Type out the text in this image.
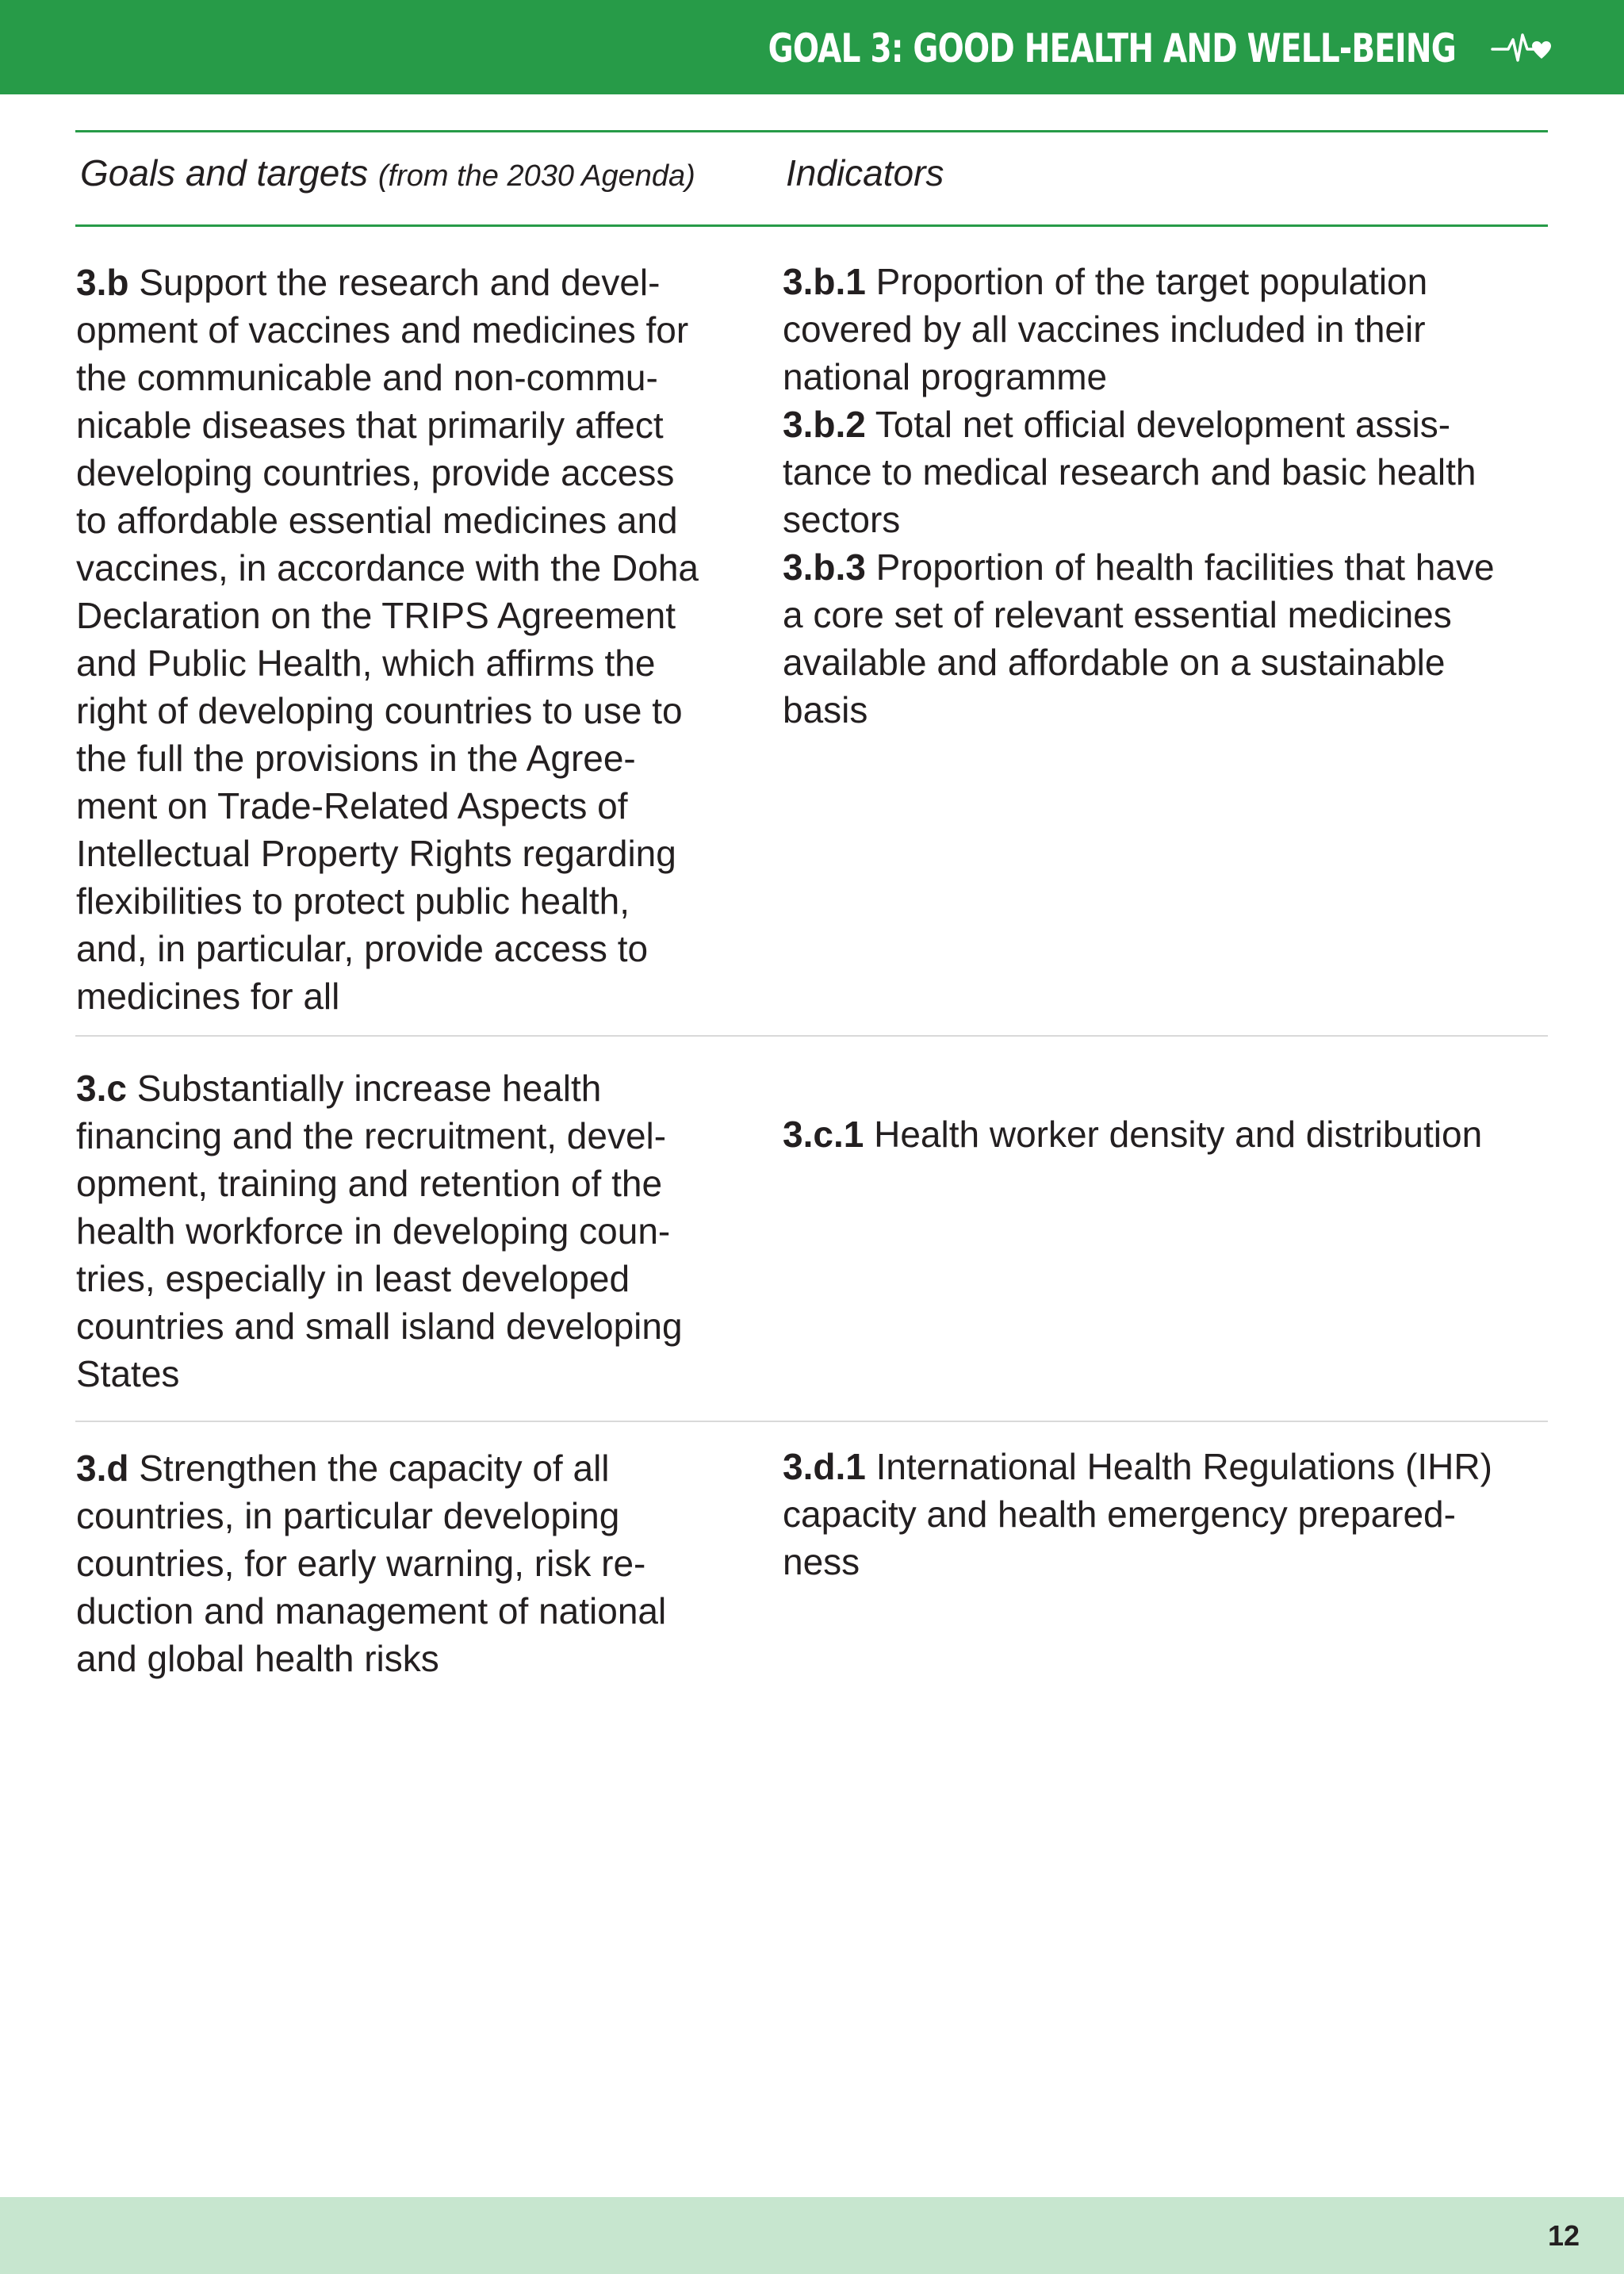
GOAL 3: GOOD HEALTH AND WELL-BEING
Goals and targets (from the 2030 Agenda) Indicators
3.b Support the research and devel-
opment of vaccines and medicines for
the communicable and non-commu-
nicable diseases that primarily affect
developing countries, provide access
to affordable essential medicines and
vaccines, in accordance with the Doha
Declaration on the TRIPS Agreement
and Public Health, which affirms the
right of developing countries to use to
the full the provisions in the Agree-
ment on Trade-Related Aspects of
Intellectual Property Rights regarding
flexibilities to protect public health,
and, in particular, provide access to
medicines for all
3.b.1 Proportion of the target population
covered by all vaccines included in their
national programme
3.b.2 Total net official development assis-
tance to medical research and basic health
sectors
3.b.3 Proportion of health facilities that have
a core set of relevant essential medicines
available and affordable on a sustainable
basis
3.c Substantially increase health
financing and the recruitment, devel-
opment, training and retention of the
health workforce in developing coun-
tries, especially in least developed
countries and small island developing
States
3.c.1 Health worker density and distribution
3.d Strengthen the capacity of all
countries, in particular developing
countries, for early warning, risk re-
duction and management of national
and global health risks
3.d.1 International Health Regulations (IHR)
capacity and health emergency prepared-
ness
12
